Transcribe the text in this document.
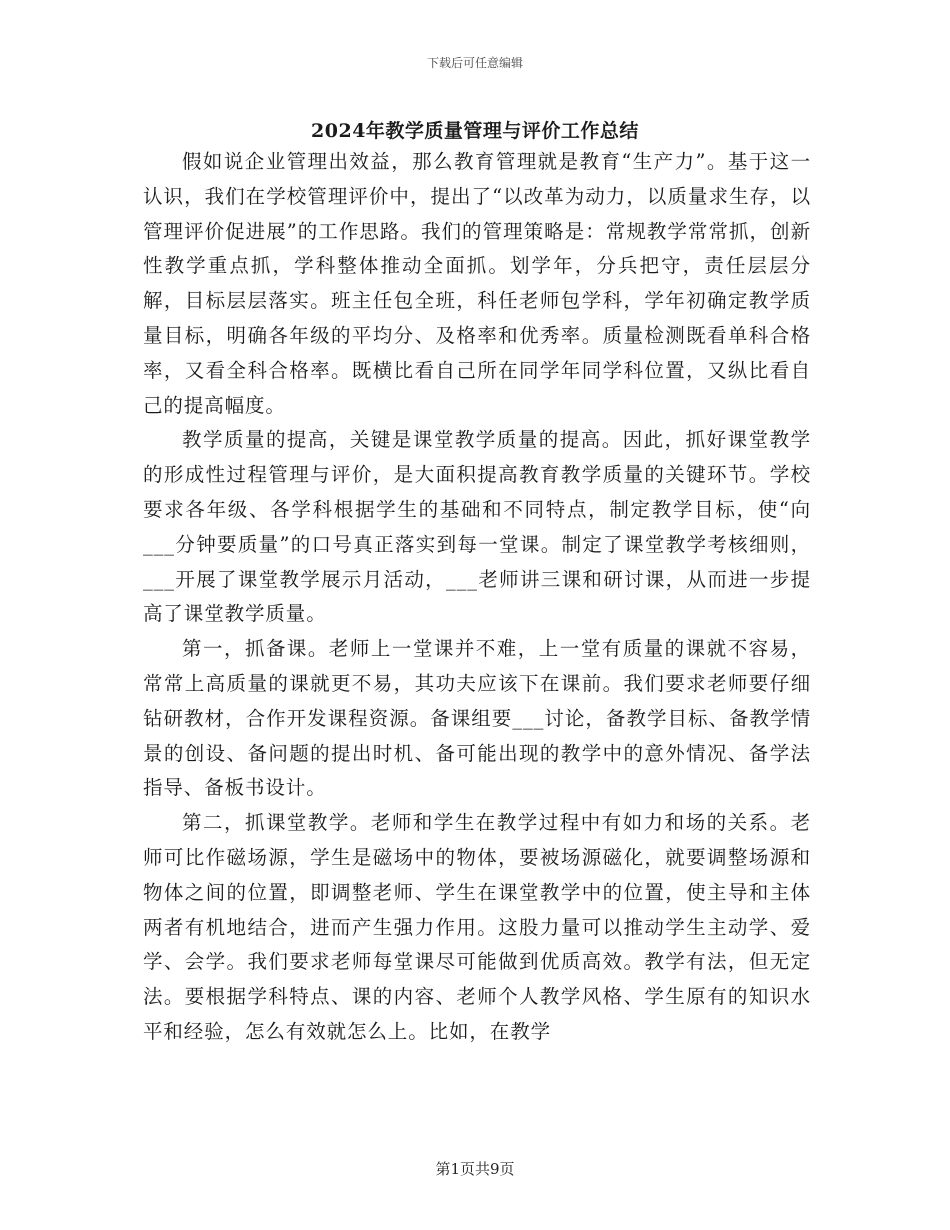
下载后可任意编辑
2024年教学质量管理与评价工作总结

假如说企业管理出效益，那么教育管理就是教育“生产力”。基于这一认识，我们在学校管理评价中，提出了“以改革为动力，以质量求生存，以管理评价促进展”的工作思路。我们的管理策略是：常规教学常常抓，创新性教学重点抓，学科整体推动全面抓。划学年，分兵把守，责任层层分解，目标层层落实。班主任包全班，科任老师包学科，学年初确定教学质量目标，明确各年级的平均分、及格率和优秀率。质量检测既看单科合格率，又看全科合格率。既横比看自己所在同学年同学科位置，又纵比看自己的提高幅度。

教学质量的提高，关键是课堂教学质量的提高。因此，抓好课堂教学的形成性过程管理与评价，是大面积提高教育教学质量的关键环节。学校要求各年级、各学科根据学生的基础和不同特点，制定教学目标，使“向___分钟要质量”的口号真正落实到每一堂课。制定了课堂教学考核细则，___开展了课堂教学展示月活动，___老师讲三课和研讨课，从而进一步提高了课堂教学质量。

第一，抓备课。老师上一堂课并不难，上一堂有质量的课就不容易，常常上高质量的课就更不易，其功夫应该下在课前。我们要求老师要仔细钻研教材，合作开发课程资源。备课组要___讨论，备教学目标、备教学情景的创设、备问题的提出时机、备可能出现的教学中的意外情况、备学法指导、备板书设计。

第二，抓课堂教学。老师和学生在教学过程中有如力和场的关系。老师可比作磁场源，学生是磁场中的物体，要被场源磁化，就要调整场源和物体之间的位置，即调整老师、学生在课堂教学中的位置，使主导和主体两者有机地结合，进而产生强力作用。这股力量可以推动学生主动学、爱学、会学。我们要求老师每堂课尽可能做到优质高效。教学有法，但无定法。要根据学科特点、课的内容、老师个人教学风格、学生原有的知识水平和经验，怎么有效就怎么上。比如，在教学

第1页共9页
